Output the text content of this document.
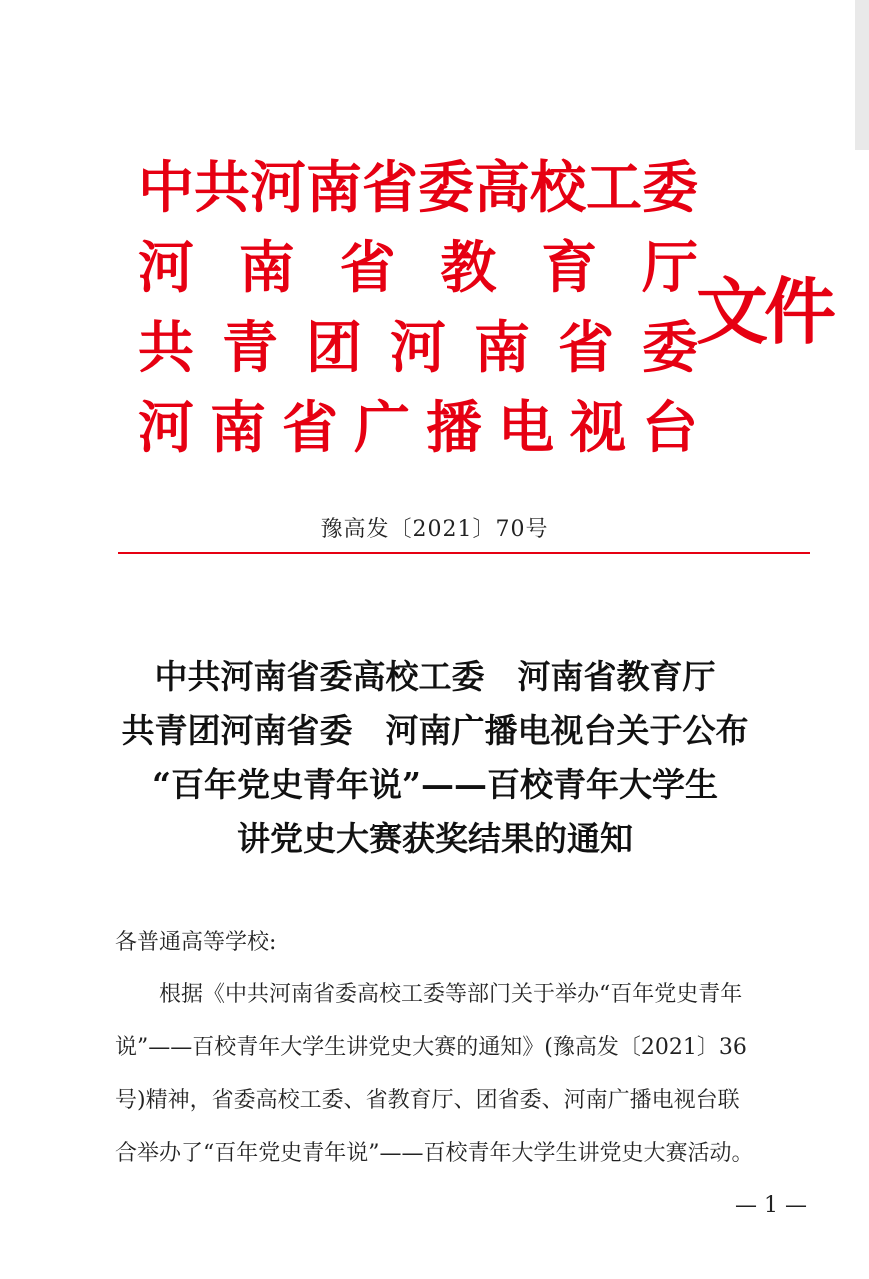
中 共 河 南 省 委 高 校 工 委
河 南 省 教 育 厅
共 青 团 河 南 省 委
河 南 省 广 播 电 视 台
文件
豫高发〔2021〕70号
中共河南省委高校工委　河南省教育厅
共青团河南省委　河南广播电视台关于公布
“百年党史青年说”——百校青年大学生
讲党史大赛获奖结果的通知
各普通高等学校:
根据《中共河南省委高校工委等部门关于举办“百年党史青年
说”——百校青年大学生讲党史大赛的通知》(豫高发〔2021〕36
号)精神，省委高校工委、省教育厅、团省委、河南广播电视台联
合举办了“百年党史青年说”——百校青年大学生讲党史大赛活动。
— 1 —
